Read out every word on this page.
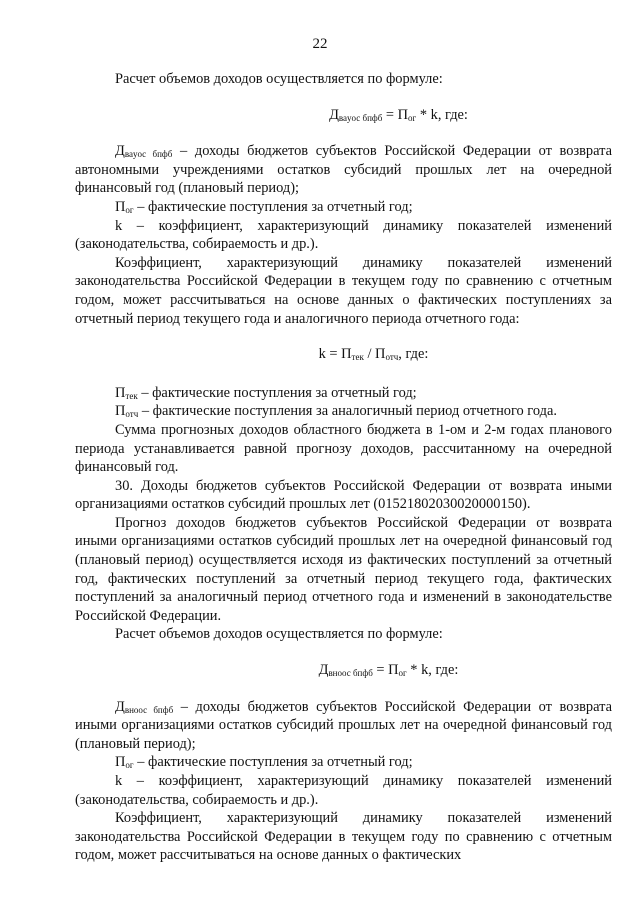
22

Расчет объемов доходов осуществляется по формуле:

$Д_{ваyос бпфб} = П_{ог} * k$, где:

$Д_{ваyос бпфб}$ – доходы бюджетов субъектов Российской Федерации от возврата автономными учреждениями остатков субсидий прошлых лет на очередной финансовый год (плановый период);

$П_{ог}$ – фактические поступления за отчетный год;

k – коэффициент, характеризующий динамику показателей изменений (законодательства, собираемость и др.).

Коэффициент, характеризующий динамику показателей изменений законодательства Российской Федерации в текущем году по сравнению с отчетным годом, может рассчитываться на основе данных о фактических поступлениях за отчетный период текущего года и аналогичного периода отчетного года:

$k = П_{тек} / П_{отч}$, где:

$П_{тек}$ – фактические поступления за отчетный год;

$П_{отч}$ – фактические поступления за аналогичный период отчетного года.

Сумма прогнозных доходов областного бюджета в 1-ом и 2-м годах планового периода устанавливается равной прогнозу доходов, рассчитанному на очередной финансовый год.

30. Доходы бюджетов субъектов Российской Федерации от возврата иными организациями остатков субсидий прошлых лет (01521802030020000150).

Прогноз доходов бюджетов субъектов Российской Федерации от возврата иными организациями остатков субсидий прошлых лет на очередной финансовый год (плановый период) осуществляется исходя из фактических поступлений за отчетный год, фактических поступлений за отчетный период текущего года, фактических поступлений за аналогичный период отчетного года и изменений в законодательстве Российской Федерации.

Расчет объемов доходов осуществляется по формуле:

$Д_{вноос бпфб} = П_{ог} * k$, где:

$Д_{вноос бпфб}$ – доходы бюджетов субъектов Российской Федерации от возврата иными организациями остатков субсидий прошлых лет на очередной финансовый год (плановый период);

$П_{ог}$ – фактические поступления за отчетный год;

k – коэффициент, характеризующий динамику показателей изменений (законодательства, собираемость и др.).

Коэффициент, характеризующий динамику показателей изменений законодательства Российской Федерации в текущем году по сравнению с отчетным годом, может рассчитываться на основе данных о фактических
